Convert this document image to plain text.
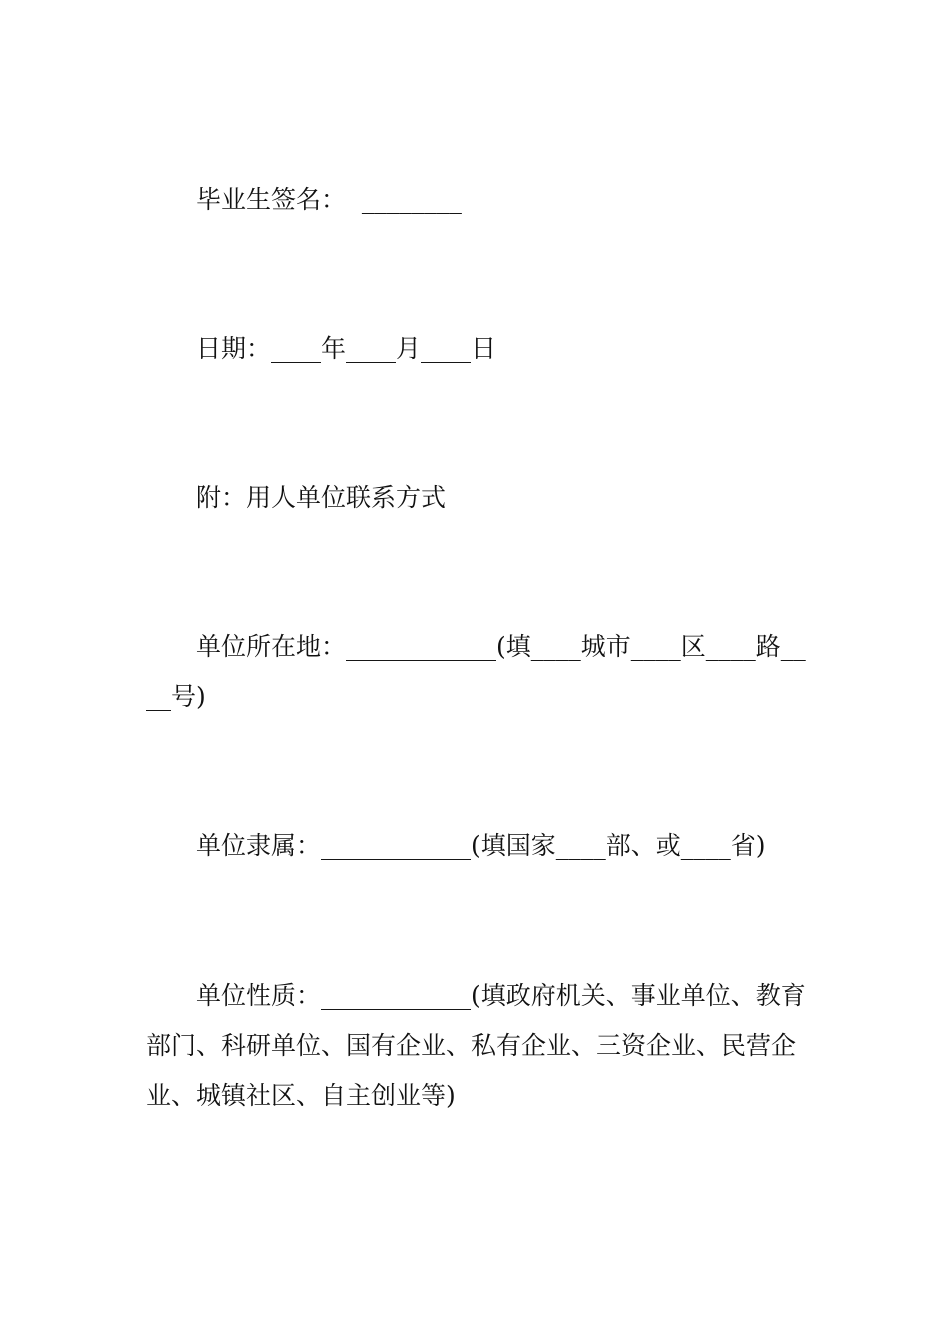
毕业生签名：  ________

日期：____年____月____日

附：用人单位联系方式

单位所在地：____________(填____城市____区____路____号)

单位隶属：____________(填国家____部、或____省)

单位性质：____________(填政府机关、事业单位、教育部门、科研单位、国有企业、私有企业、三资企业、民营企业、城镇社区、自主创业等)
